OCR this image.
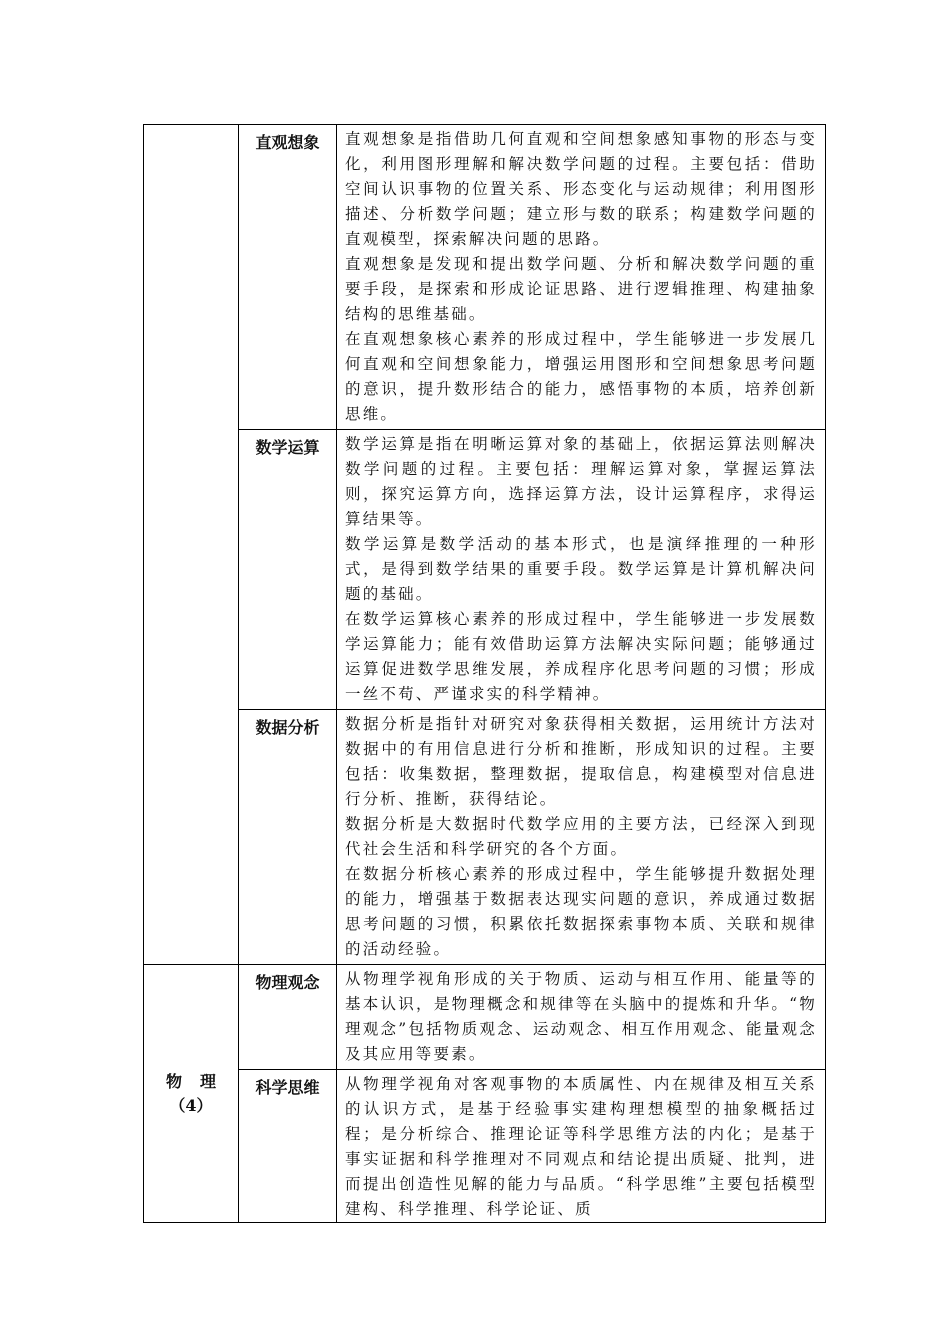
	直观想象	直观想象是指借助几何直观和空间想象感知事物的形态与变化，利用图形理解和解决数学问题的过程。主要包括：借助空间认识事物的位置关系、形态变化与运动规律；利用图形描述、分析数学问题；建立形与数的联系；构建数学问题的直观模型，探索解决问题的思路。

直观想象是发现和提出数学问题、分析和解决数学问题的重要手段，是探索和形成论证思路、进行逻辑推理、构建抽象结构的思维基础。

在直观想象核心素养的形成过程中，学生能够进一步发展几何直观和空间想象能力，增强运用图形和空间想象思考问题的意识，提升数形结合的能力，感悟事物的本质，培养创新思维。

	数学运算	数学运算是指在明晰运算对象的基础上，依据运算法则解决数学问题的过程。主要包括：理解运算对象，掌握运算法则，探究运算方向，选择运算方法，设计运算程序，求得运算结果等。

数学运算是数学活动的基本形式，也是演绎推理的一种形式，是得到数学结果的重要手段。数学运算是计算机解决问题的基础。

在数学运算核心素养的形成过程中，学生能够进一步发展数学运算能力；能有效借助运算方法解决实际问题；能够通过运算促进数学思维发展，养成程序化思考问题的习惯；形成一丝不苟、严谨求实的科学精神。

	数据分析	数据分析是指针对研究对象获得相关数据，运用统计方法对数据中的有用信息进行分析和推断，形成知识的过程。主要包括：收集数据，整理数据，提取信息，构建模型对信息进行分析、推断，获得结论。

数据分析是大数据时代数学应用的主要方法，已经深入到现代社会生活和科学研究的各个方面。

在数据分析核心素养的形成过程中，学生能够提升数据处理的能力，增强基于数据表达现实问题的意识，养成通过数据思考问题的习惯，积累依托数据探索事物本质、关联和规律的活动经验。

物理
（4）	物理观念	从物理学视角形成的关于物质、运动与相互作用、能量等的基本认识，是物理概念和规律等在头脑中的提炼和升华。“物理观念”包括物质观念、运动观念、相互作用观念、能量观念及其应用等要素。

	科学思维	从物理学视角对客观事物的本质属性、内在规律及相互关系的认识方式，是基于经验事实建构理想模型的抽象概括过程；是分析综合、推理论证等科学思维方法的内化；是基于事实证据和科学推理对不同观点和结论提出质疑、批判，进而提出创造性见解的能力与品质。“科学思维”主要包括模型建构、科学推理、科学论证、质
